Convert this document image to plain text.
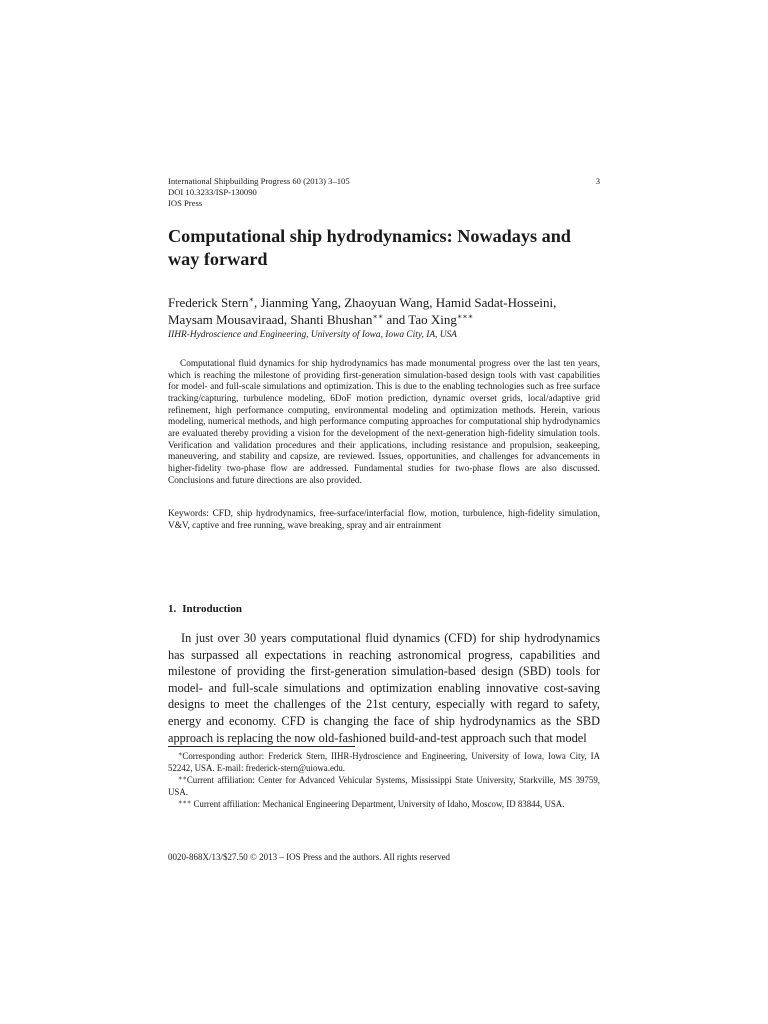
International Shipbuilding Progress 60 (2013) 3–105
DOI 10.3233/ISP-130090
IOS Press
3
Computational ship hydrodynamics: Nowadays and way forward
Frederick Stern∗, Jianming Yang, Zhaoyuan Wang, Hamid Sadat-Hosseini,
Maysam Mousaviraad, Shanti Bhushan∗∗ and Tao Xing∗∗∗
IIHR-Hydroscience and Engineering, University of Iowa, Iowa City, IA, USA

Computational fluid dynamics for ship hydrodynamics has made monumental progress over the last ten years, which is reaching the milestone of providing first-generation simulation-based design tools with vast capabilities for model- and full-scale simulations and optimization. This is due to the enabling technologies such as free surface tracking/capturing, turbulence modeling, 6DoF motion prediction, dynamic overset grids, local/adaptive grid refinement, high performance computing, environmental modeling and optimization methods. Herein, various modeling, numerical methods, and high performance computing approaches for computational ship hydrodynamics are evaluated thereby providing a vision for the development of the next-generation high-fidelity simulation tools. Verification and validation procedures and their applications, including resistance and propulsion, seakeeping, maneuvering, and stability and capsize, are reviewed. Issues, opportunities, and challenges for advancements in higher-fidelity two-phase flow are addressed. Fundamental studies for two-phase flows are also discussed. Conclusions and future directions are also provided.

Keywords: CFD, ship hydrodynamics, free-surface/interfacial flow, motion, turbulence, high-fidelity simulation, V&V, captive and free running, wave breaking, spray and air entrainment

1. Introduction

In just over 30 years computational fluid dynamics (CFD) for ship hydrodynamics has surpassed all expectations in reaching astronomical progress, capabilities and milestone of providing the first-generation simulation-based design (SBD) tools for model- and full-scale simulations and optimization enabling innovative cost-saving designs to meet the challenges of the 21st century, especially with regard to safety, energy and economy. CFD is changing the face of ship hydrodynamics as the SBD approach is replacing the now old-fashioned build-and-test approach such that model

∗Corresponding author: Frederick Stern, IIHR-Hydroscience and Engineering, University of Iowa, Iowa City, IA 52242, USA. E-mail: frederick-stern@uiowa.edu.

∗∗Current affiliation: Center for Advanced Vehicular Systems, Mississippi State University, Starkville, MS 39759, USA.

∗∗∗ Current affiliation: Mechanical Engineering Department, University of Idaho, Moscow, ID 83844, USA.

0020-868X/13/$27.50 © 2013 – IOS Press and the authors. All rights reserved
